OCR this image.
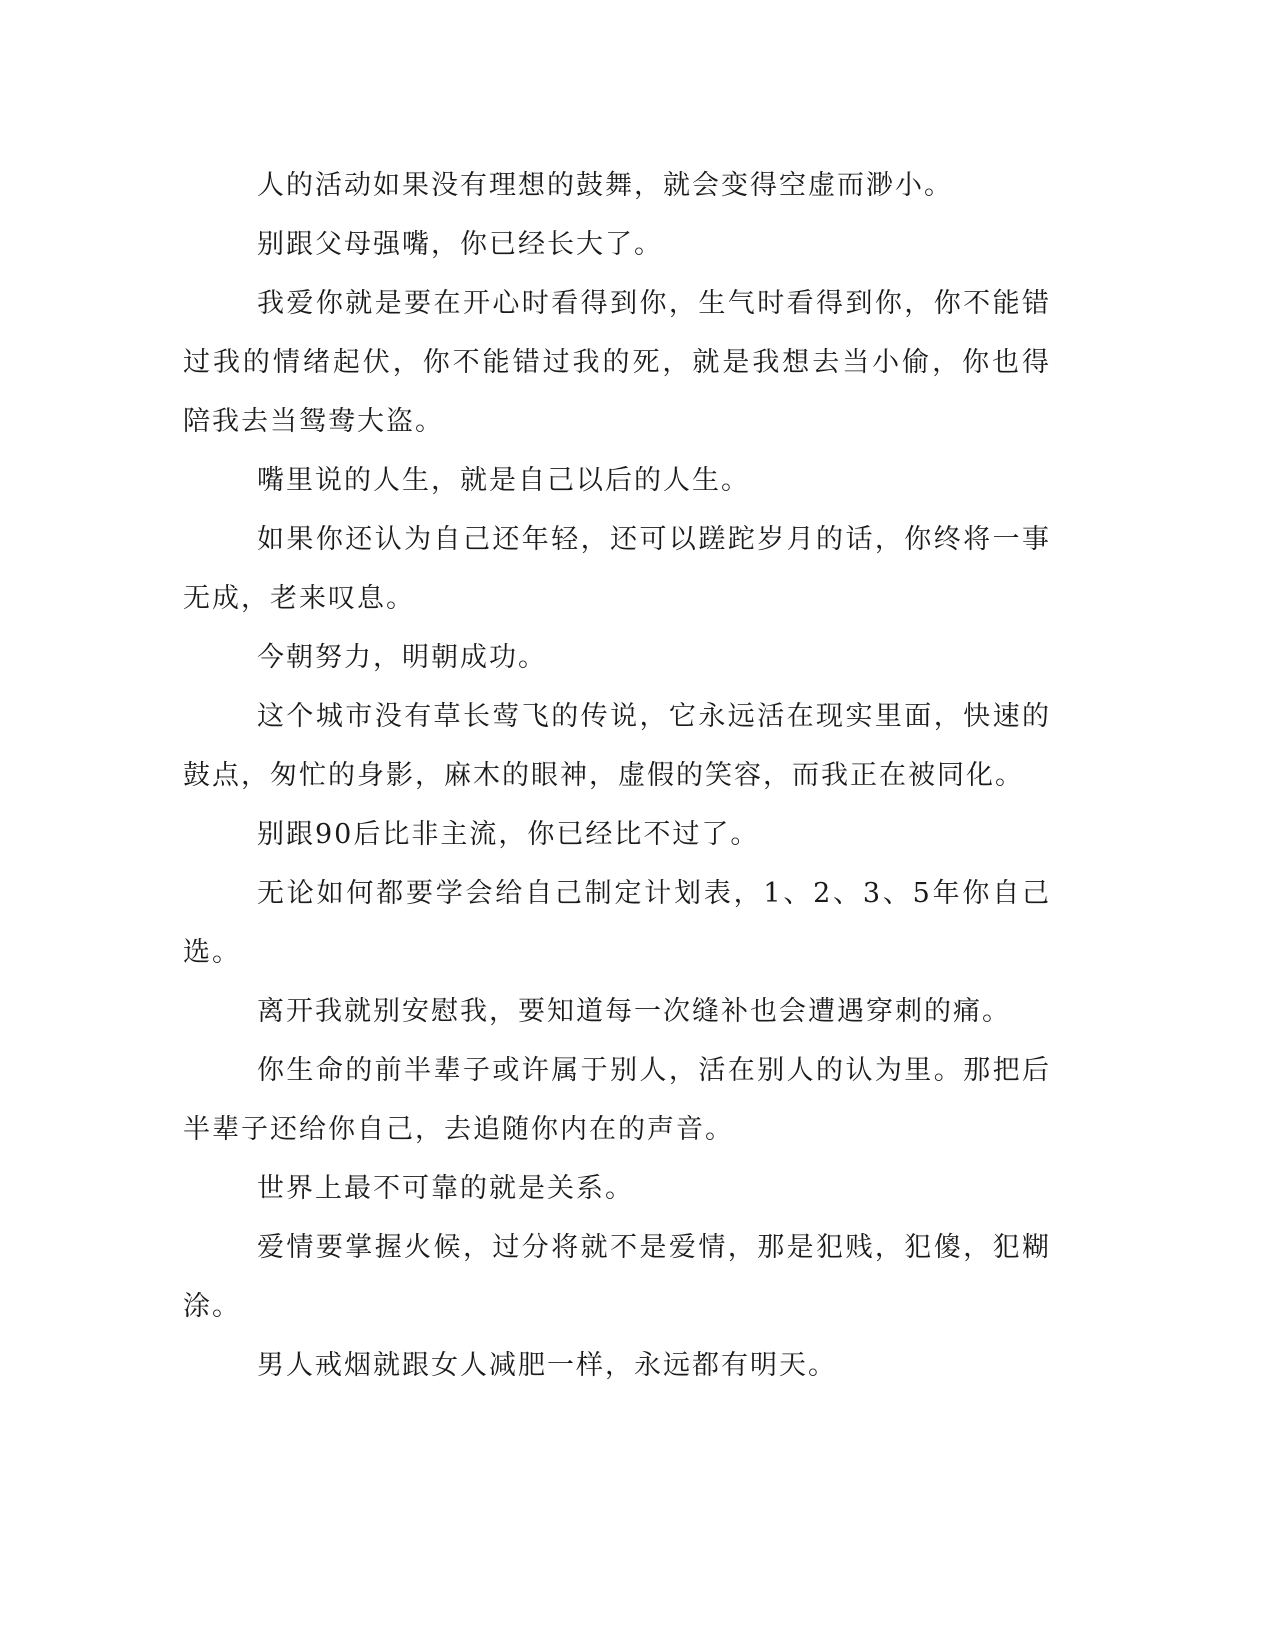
人的活动如果没有理想的鼓舞，就会变得空虚而渺小。

别跟父母强嘴，你已经长大了。

我爱你就是要在开心时看得到你，生气时看得到你，你不能错过我的情绪起伏，你不能错过我的死，就是我想去当小偷，你也得陪我去当鸳鸯大盗。

嘴里说的人生，就是自己以后的人生。

如果你还认为自己还年轻，还可以蹉跎岁月的话，你终将一事无成，老来叹息。

今朝努力，明朝成功。

这个城市没有草长莺飞的传说，它永远活在现实里面，快速的鼓点，匆忙的身影，麻木的眼神，虚假的笑容，而我正在被同化。

别跟90后比非主流，你已经比不过了。

无论如何都要学会给自己制定计划表，1、2、3、5年你自己选。

离开我就别安慰我，要知道每一次缝补也会遭遇穿刺的痛。

你生命的前半辈子或许属于别人，活在别人的认为里。那把后半辈子还给你自己，去追随你内在的声音。

世界上最不可靠的就是关系。

爱情要掌握火候，过分将就不是爱情，那是犯贱，犯傻，犯糊涂。

男人戒烟就跟女人减肥一样，永远都有明天。
